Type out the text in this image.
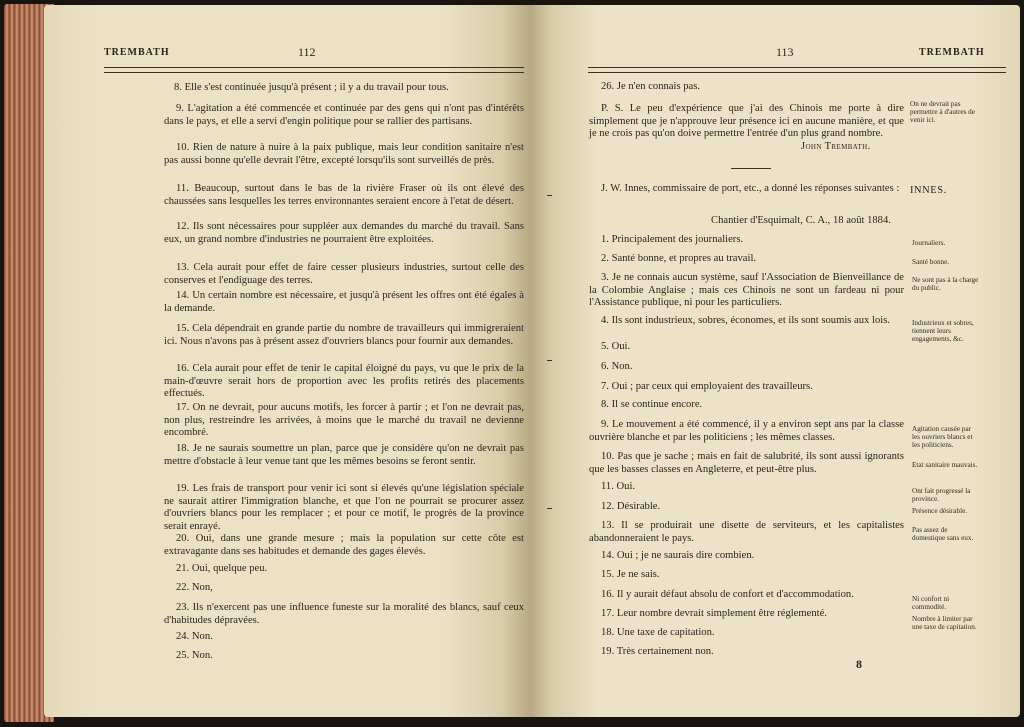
TREMBATH	112

8. Elle s'est continuée jusqu'à présent ; il y a du travail pour tous.

9. L'agitation a été commencée et continuée par des gens qui n'ont pas d'intérêts dans le pays, et elle a servi d'engin politique pour se rallier des partisans.

10. Rien de nature à nuire à la paix publique, mais leur condition sanitaire n'est pas aussi bonne qu'elle devrait l'être, excepté lorsqu'ils sont surveillés de près.

11. Beaucoup, surtout dans le bas de la rivière Fraser où ils ont élevé des chaussées sans lesquelles les terres environnantes seraient encore à l'etat de désert.

12. Ils sont nécessaires pour suppléer aux demandes du marché du travail. Sans eux, un grand nombre d'industries ne pourraient être exploitées.

13. Cela aurait pour effet de faire cesser plusieurs industries, surtout celle des conserves et l'endiguage des terres.

14. Un certain nombre est nécessaire, et jusqu'à présent les offres ont été égales à la demande.

15. Cela dépendrait en grande partie du nombre de travailleurs qui immigreraient ici. Nous n'avons pas à présent assez d'ouvriers blancs pour fournir aux demandes.

16. Cela aurait pour effet de tenir le capital éloigné du pays, vu que le prix de la main-d'œuvre serait hors de proportion avec les profits retirés des placements effectués.

17. On ne devrait, pour aucuns motifs, les forcer à partir ; et l'on ne devrait pas, non plus, restreindre les arrivées, à moins que le marché du travail ne devienne encombré.

18. Je ne saurais soumettre un plan, parce que je considère qu'on ne devrait pas mettre d'obstacle à leur venue tant que les mêmes besoins se feront sentir.

19. Les frais de transport pour venir ici sont si élevés qu'une législation spéciale ne saurait attirer l'immigration blanche, et que l'on ne pourrait se procurer assez d'ouvriers blancs pour les remplacer ; et pour ce motif, le progrès de la province serait enrayé.

20. Oui, dans une grande mesure ; mais la population sur cette côte est extravagante dans ses habitudes et demande des gages élevés.

21. Oui, quelque peu.

22. Non,

23. Ils n'exercent pas une influence funeste sur la moralité des blancs, sauf ceux d'habitudes dépravées.

24. Non.

25. Non.

113	TREMBATH

26. Je n'en connais pas.

P. S. Le peu d'expérience que j'ai des Chinois me porte à dire simplement que je n'approuve leur présence ici en aucune manière, et que je ne crois pas qu'on doive permettre l'entrée d'un plus grand nombre.

John Trembath.

J. W. Innes, commissaire de port, etc., a donné les réponses suivantes :	INNES.

Chantier d'Esquimalt, C. A., 18 août 1884.

1. Principalement des journaliers.

2. Santé bonne, et propres au travail.

3. Je ne connais aucun système, sauf l'Association de Bienveillance de la Colombie Anglaise ; mais ces Chinois ne sont un fardeau ni pour l'Assistance publique, ni pour les particuliers.

4. Ils sont industrieux, sobres, économes, et ils sont soumis aux lois.

5. Oui.

6. Non.

7. Oui ; par ceux qui employaient des travailleurs.

8. Il se continue encore.

9. Le mouvement a été commencé, il y a environ sept ans par la classe ouvrière blanche et par les politiciens ; les mêmes classes.

10. Pas que je sache ; mais en fait de salubrité, ils sont aussi ignorants que les basses classes en Angleterre, et peut-être plus.

11. Oui.

12. Désirable.

13. Il se produirait une disette de serviteurs, et les capitalistes abandonneraient le pays.

14. Oui ; je ne saurais dire combien.

15. Je ne sais.

16. Il y aurait défaut absolu de confort et d'accommodation.

17. Leur nombre devrait simplement être réglementé.

18. Une taxe de capitation.

19. Très certainement non.

On ne devrait pas permettre à d'autres de venir ici.
Journaliers.
Santé bonne.
Ne sont pas à la charge du public.
Industrieux et sobres, tiennent leurs engagements, &c.
Agitation causée par les ouvriers blancs et les politiciens.
Etat sanitaire mauvais.
Ont fait progressé la province.
Présence désirable.
Pas assez de domestique sans eux.
Ni confort ni commodité.
Nombre à limiter par une taxe de capitation.
8
